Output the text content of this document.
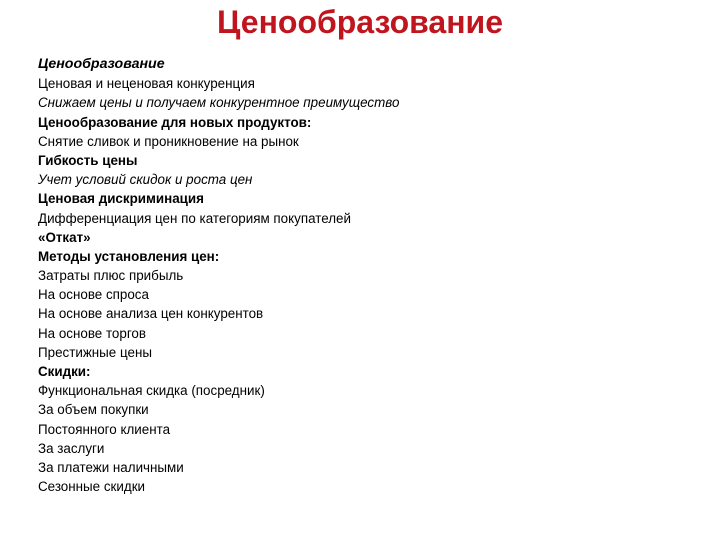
Ценообразование
Ценообразование
Ценовая и неценовая конкуренция
Снижаем цены и получаем конкурентное преимущество
Ценообразование для новых продуктов:
Снятие сливок и проникновение на рынок
Гибкость цены
Учет условий скидок и роста цен
Ценовая дискриминация
Дифференциация цен по категориям покупателей
«Откат»
Методы установления цен:
Затраты плюс прибыль
На основе спроса
На основе анализа цен конкурентов
На основе торгов
Престижные цены
Скидки:
Функциональная скидка (посредник)
За объем покупки
Постоянного клиента
За заслуги
За платежи наличными
Сезонные скидки
